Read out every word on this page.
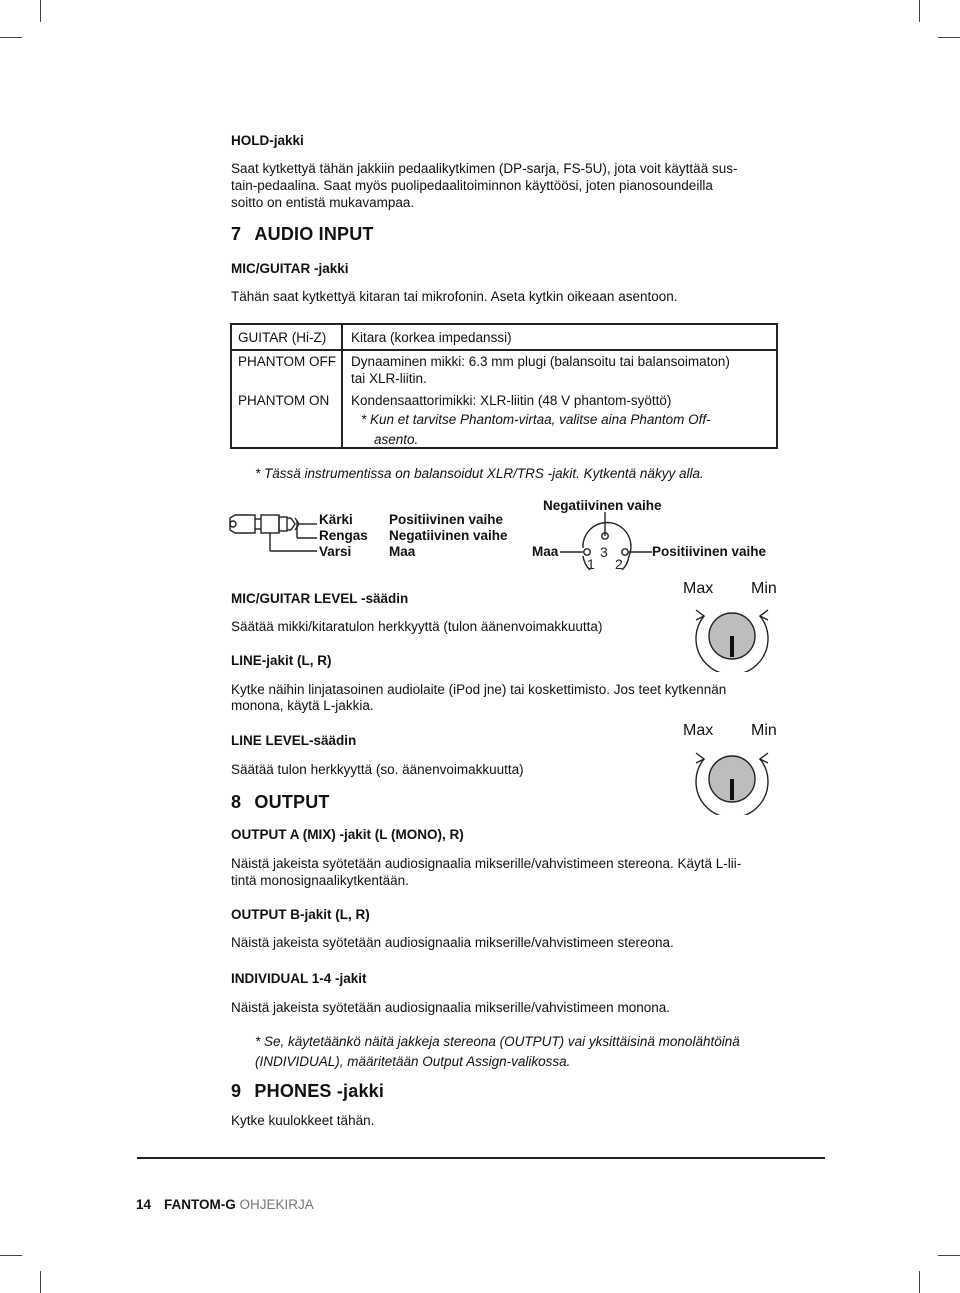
HOLD-jakki
Saat kytkettyä tähän jakkiin pedaalikytkimen (DP-sarja, FS-5U), jota voit käyttää sus-
tain-pedaalina. Saat myös puolipedaalitoiminnon käyttöösi, joten pianosoundeilla
soitto on entistä mukavampaa.
7 AUDIO INPUT
MIC/GUITAR -jakki
Tähän saat kytkettyä kitaran tai mikrofonin. Aseta kytkin oikeaan asentoon.
GUITAR (Hi-Z) Kitara (korkea impedanssi)
PHANTOM OFF Dynaaminen mikki: 6.3 mm plugi (balansoitu tai balansoimaton)
tai XLR-liitin.
PHANTOM ON Kondensaattorimikki: XLR-liitin (48 V phantom-syöttö)
* Kun et tarvitse Phantom-virtaa, valitse aina Phantom Off-
asento.
* Tässä instrumentissa on balansoidut XLR/TRS -jakit. Kytkentä näkyy alla.
Kärki	Positiivinen vaihe
Rengas Negatiivinen vaihe
Varsi	Maa
Negatiivinen vaihe
Maa	Positiivinen vaihe
3
1 2
MIC/GUITAR LEVEL -säädin
Säätää mikki/kitaratulon herkkyyttä (tulon äänenvoimakkuutta)
Max Min
LINE-jakit (L, R)
Kytke näihin linjatasoinen audiolaite (iPod jne) tai koskettimisto. Jos teet kytkennän
monona, käytä L-jakkia.
LINE LEVEL-säädin
Säätää tulon herkkyyttä (so. äänenvoimakkuutta)
Max Min
8 OUTPUT
OUTPUT A (MIX) -jakit (L (MONO), R)
Näistä jakeista syötetään audiosignaalia mikserille/vahvistimeen stereona. Käytä L-lii-
tintä monosignaalikytkentään.
OUTPUT B-jakit (L, R)
Näistä jakeista syötetään audiosignaalia mikserille/vahvistimeen stereona.
INDIVIDUAL 1-4 -jakit
Näistä jakeista syötetään audiosignaalia mikserille/vahvistimeen monona.
* Se, käytetäänkö näitä jakkeja stereona (OUTPUT) vai yksittäisinä monolähtöinä
(INDIVIDUAL), määritetään Output Assign-valikossa.
9 PHONES -jakki
Kytke kuulokkeet tähän.
14 FANTOM-G OHJEKIRJA
